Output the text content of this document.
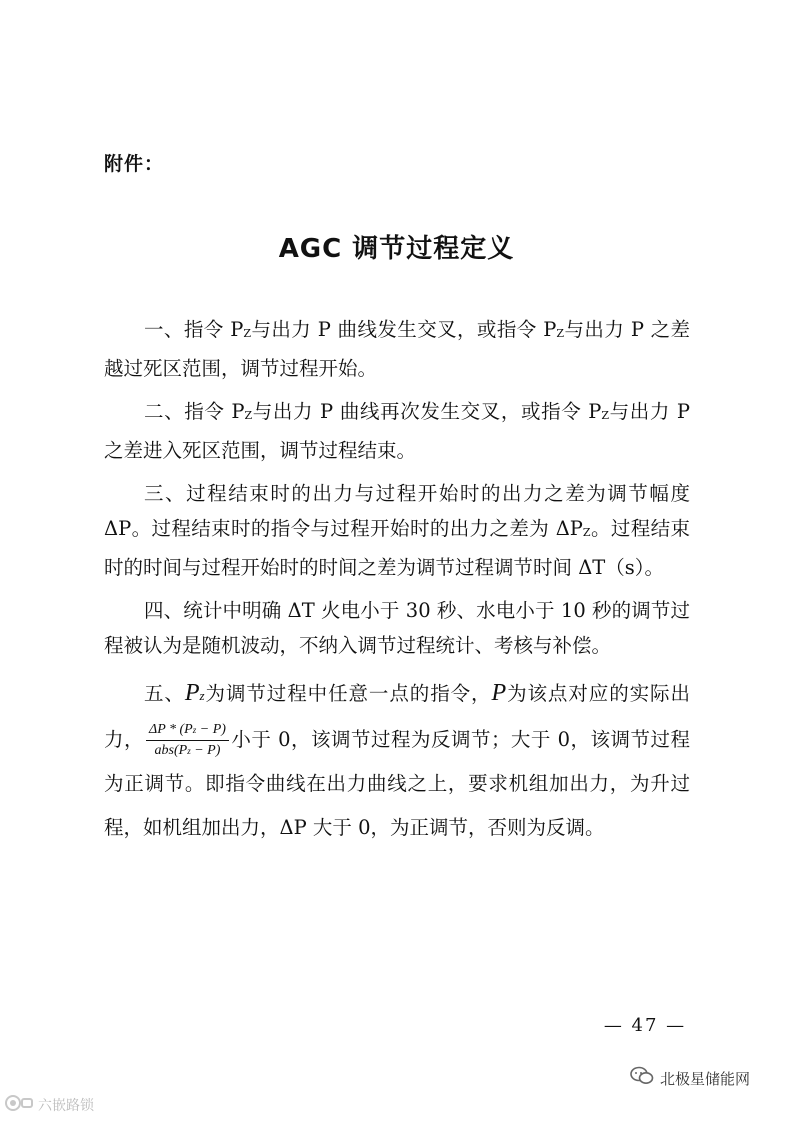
附件：
AGC 调节过程定义

一、指令 PZ与出力 P 曲线发生交叉，或指令 PZ与出力 P 之差越过死区范围，调节过程开始。

二、指令 PZ与出力 P 曲线再次发生交叉，或指令 PZ与出力 P 之差进入死区范围，调节过程结束。

三、过程结束时的出力与过程开始时的出力之差为调节幅度 ΔP。过程结束时的指令与过程开始时的出力之差为 ΔPZ。过程结束时的时间与过程开始时的时间之差为调节过程调节时间 ΔT（s）。

四、统计中明确 ΔT 火电小于 30 秒、水电小于 10 秒的调节过程被认为是随机波动，不纳入调节过程统计、考核与补偿。

五、Pz为调节过程中任意一点的指令，P为该点对应的实际出力， $\frac{\Delta P * (Pz - P)}{\text{abs(Pz − P)}}$ 小于 0，该调节过程为反调节；大于 0，该调节过程为正调节。即指令曲线在出力曲线之上，要求机组加出力，为升过程，如机组加出力，ΔP 大于 0，为正调节，否则为反调。

— 47 —
六嵌路锁
北极星储能网
